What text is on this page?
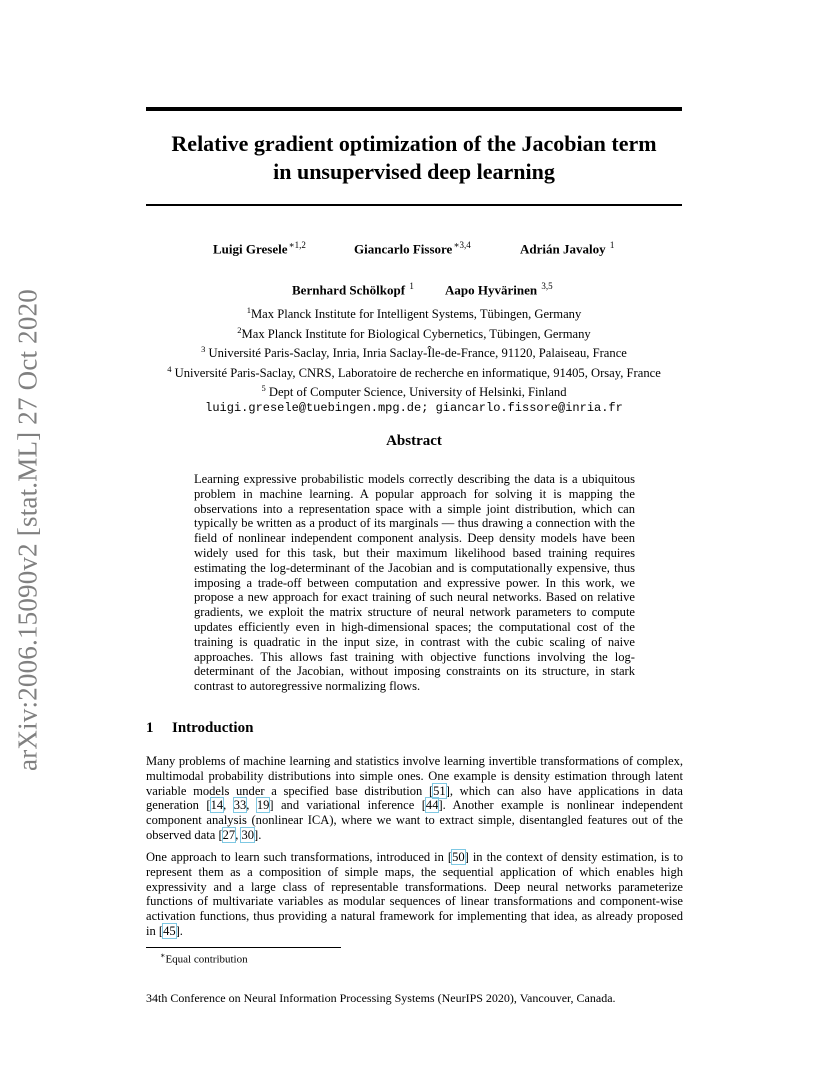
arXiv:2006.15090v2 [stat.ML] 27 Oct 2020
Relative gradient optimization of the Jacobian term
in unsupervised deep learning
Luigi Gresele$^{∗1,2}$	Giancarlo Fissore$^{∗3,4}$	Adrián Javaloy $^1$
Bernhard Schölkopf $^1$ Aapo Hyvärinen $^{3,5}$
$^1$Max Planck Institute for Intelligent Systems, Tübingen, Germany
$^2$Max Planck Institute for Biological Cybernetics, Tübingen, Germany
$^3$ Université Paris-Saclay, Inria, Inria Saclay-Île-de-France, 91120, Palaiseau, France
$^4$ Université Paris-Saclay, CNRS, Laboratoire de recherche en informatique, 91405, Orsay, France
$^5$ Dept of Computer Science, University of Helsinki, Finland
luigi.gresele@tuebingen.mpg.de; giancarlo.fissore@inria.fr
Abstract
Learning expressive probabilistic models correctly describing the data is a ubiquitous problem in machine learning. A popular approach for solving it is mapping the observations into a representation space with a simple joint distribution, which can typically be written as a product of its marginals — thus drawing a connection with the field of nonlinear independent component analysis. Deep density models have been widely used for this task, but their maximum likelihood based training requires estimating the log-determinant of the Jacobian and is computationally expensive, thus imposing a trade-off between computation and expressive power. In this work, we propose a new approach for exact training of such neural networks. Based on relative gradients, we exploit the matrix structure of neural network parameters to compute updates efficiently even in high-dimensional spaces; the computational cost of the training is quadratic in the input size, in contrast with the cubic scaling of naive approaches. This allows fast training with objective functions involving the log-determinant of the Jacobian, without imposing constraints on its structure, in stark contrast to autoregressive normalizing flows.
1 Introduction
Many problems of machine learning and statistics involve learning invertible transformations of complex, multimodal probability distributions into simple ones. One example is density estimation through latent variable models under a specified base distribution [51], which can also have applications in data generation [14, 33, 19] and variational inference [44]. Another example is nonlinear independent component analysis (nonlinear ICA), where we want to extract simple, disentangled features out of the observed data [27, 30].
One approach to learn such transformations, introduced in [50] in the context of density estimation, is to represent them as a composition of simple maps, the sequential application of which enables high expressivity and a large class of representable transformations. Deep neural networks parameterize functions of multivariate variables as modular sequences of linear transformations and component-wise activation functions, thus providing a natural framework for implementing that idea, as already proposed in [45].
∗Equal contribution
34th Conference on Neural Information Processing Systems (NeurIPS 2020), Vancouver, Canada.
